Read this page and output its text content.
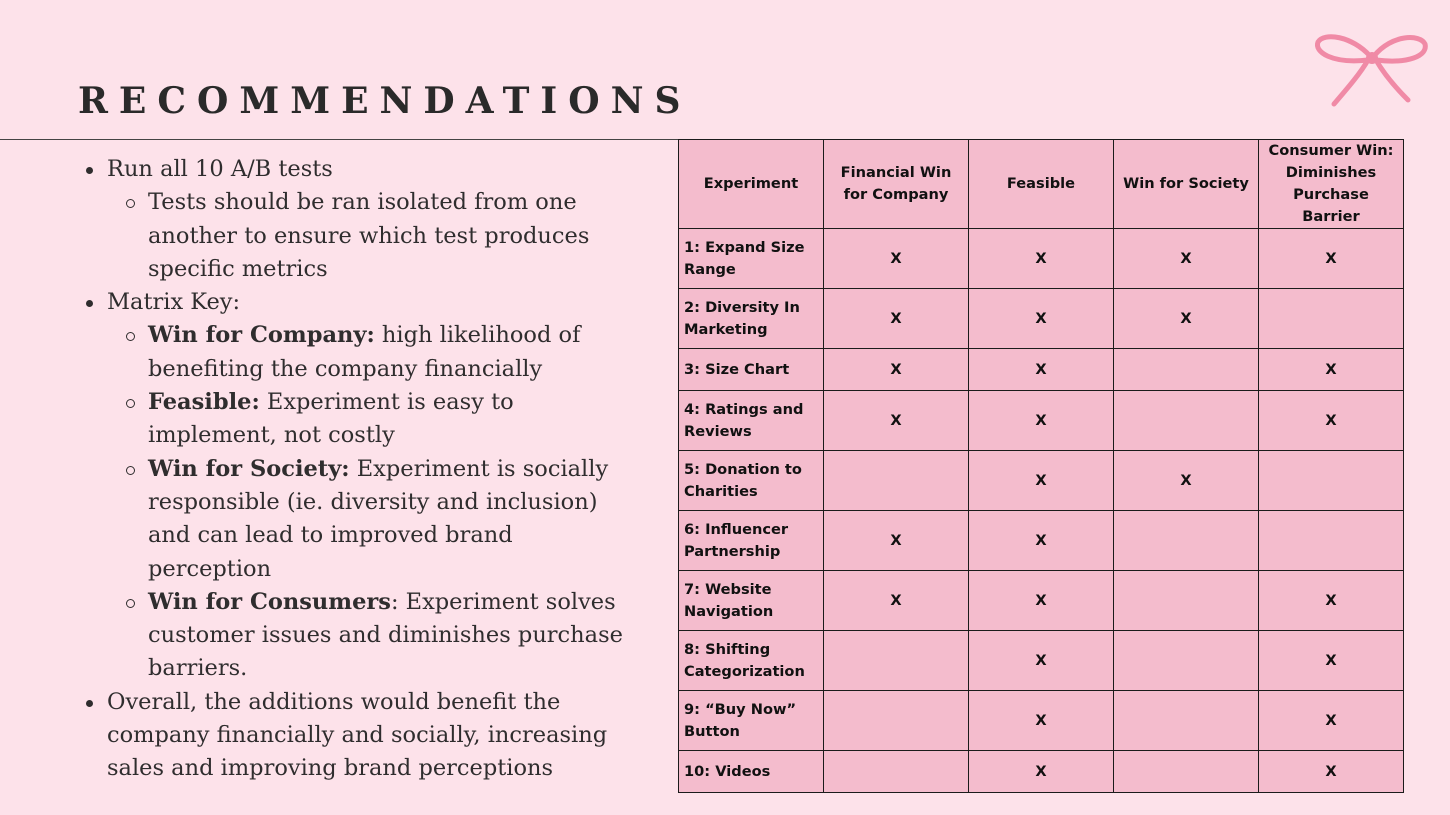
RECOMMENDATIONS
Run all 10 A/B tests
Tests should be ran isolated from one another to ensure which test produces specific metrics
Matrix Key:
Win for Company: high likelihood of benefiting the company financially
Feasible: Experiment is easy to implement, not costly
Win for Society: Experiment is socially responsible (ie. diversity and inclusion) and can lead to improved brand perception
Win for Consumers: Experiment solves customer issues and diminishes purchase barriers.
Overall, the additions would benefit the company financially and socially, increasing sales and improving brand perceptions
Experiment	Financial Win for Company	Feasible	Win for Society	Consumer Win: Diminishes Purchase Barrier
1: Expand Size Range	X	X	X	X
2: Diversity In Marketing	X	X	X	
3: Size Chart	X	X		X
4: Ratings and Reviews	X	X		X
5: Donation to Charities		X	X	
6: Influencer Partnership	X	X		
7: Website Navigation	X	X		X
8: Shifting Categorization		X		X
9: “Buy Now” Button		X		X
10: Videos		X		X
